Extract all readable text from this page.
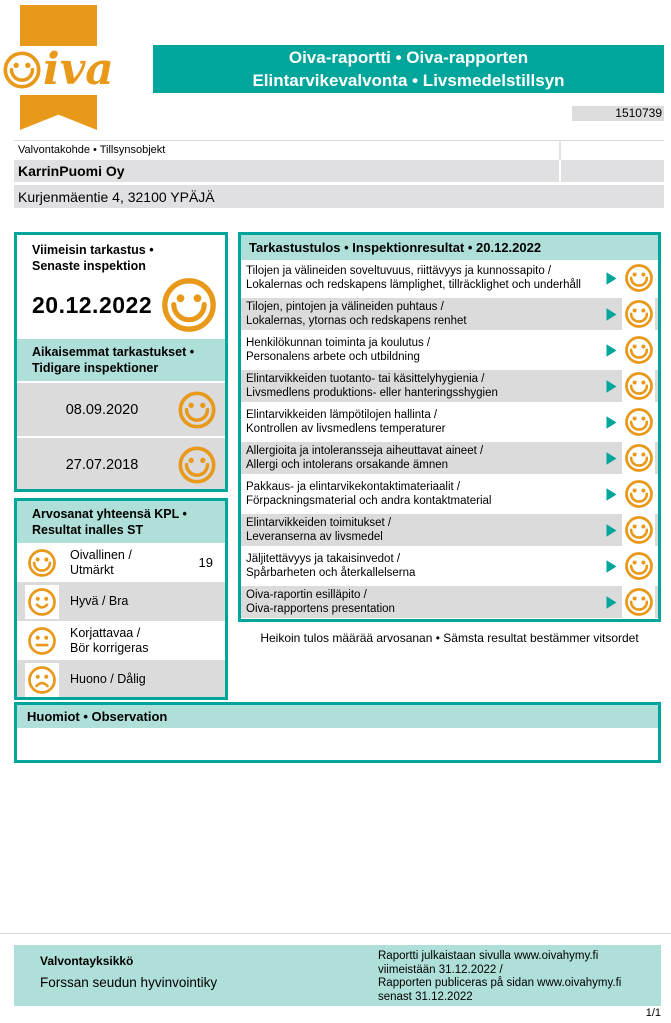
iva	Oiva-raportti • Oiva-rapporten
Elintarvikevalvonta • Livsmedelstillsyn
1510739
Valvontakohde • Tillsynsobjekt
KarrinPuomi Oy
Kurjenmäentie 4, 32100 YPÄJÄ
Viimeisin tarkastus •
Senaste inspektion
20.12.2022
Aikaisemmat tarkastukset •
Tidigare inspektioner
08.09.2020
27.07.2018
Arvosanat yhteensä KPL •
Resultat inalles ST
Oivallinen /
Utmärkt	19
Hyvä / Bra
Korjattavaa /
Bör korrigeras
Huono / Dålig
Tarkastustulos • Inspektionresultat • 20.12.2022
Tilojen ja välineiden soveltuvuus, riittävyys ja kunnossapito /
Lokalernas och redskapens lämplighet, tillräcklighet och underhåll
Tilojen, pintojen ja välineiden puhtaus /
Lokalernas, ytornas och redskapens renhet
Henkilökunnan toiminta ja koulutus /
Personalens arbete och utbildning
Elintarvikkeiden tuotanto- tai käsittelyhygienia /
Livsmedlens produktions- eller hanteringsshygien
Elintarvikkeiden lämpötilojen hallinta /
Kontrollen av livsmedlens temperaturer
Allergioita ja intoleransseja aiheuttavat aineet /
Allergi och intolerans orsakande ämnen
Pakkaus- ja elintarvikekontaktimateriaalit /
Förpackningsmaterial och andra kontaktmaterial
Elintarvikkeiden toimitukset /
Leveranserna av livsmedel
Jäljitettävyys ja takaisinvedot /
Spårbarheten och återkallelserna
Oiva-raportin esilläpito /
Oiva-rapportens presentation
Heikoin tulos määrää arvosanan • Sämsta resultat bestämmer vitsordet
Huomiot • Observation
Valvontayksikkö
Forssan seudun hyvinvointiky
Raportti julkaistaan sivulla www.oivahymy.fi
viimeistään 31.12.2022 /
Rapporten publiceras på sidan www.oivahymy.fi
senast 31.12.2022
1/1
